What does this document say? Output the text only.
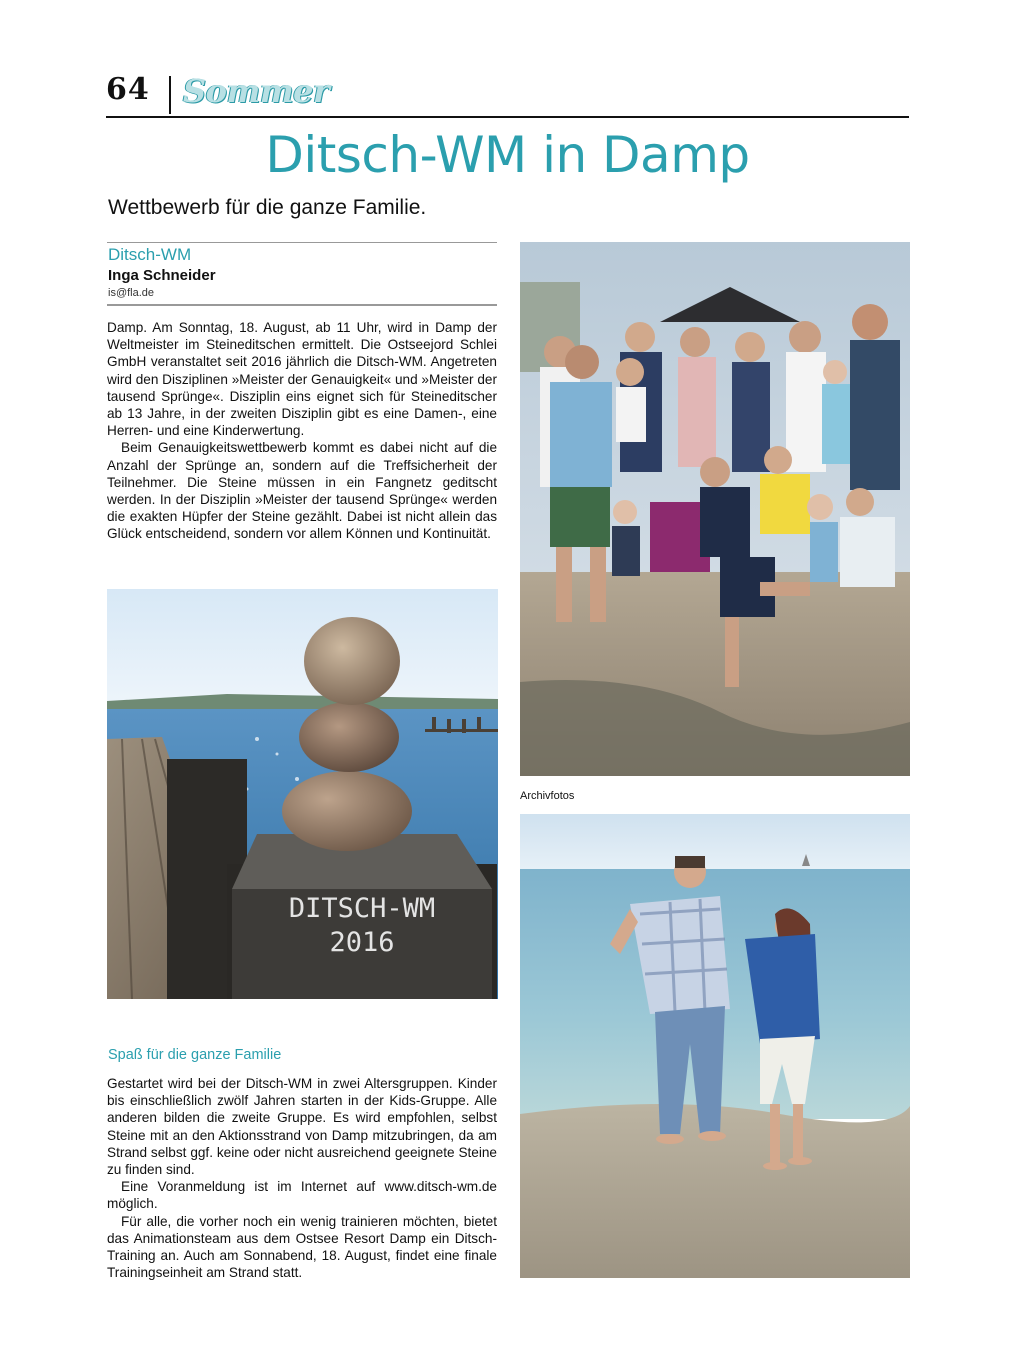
64 Sommer
Ditsch-WM in Damp
Wettbewerb für die ganze Familie.
Ditsch-WM
Inga Schneider
is@fla.de

Damp. Am Sonntag, 18. August, ab 11 Uhr, wird in Damp der Weltmeister im Steineditschen ermittelt. Die Ostseejord Schlei GmbH veranstaltet seit 2016 jährlich die Ditsch-WM. Angetreten wird den Disziplinen »Meister der Genauigkeit« und »Meister der tausend Sprünge«. Disziplin eins eignet sich für Steineditscher ab 13 Jahre, in der zweiten Disziplin gibt es eine Damen-, eine Herren- und eine Kinderwertung.

Beim Genauigkeitswettbewerb kommt es dabei nicht auf die Anzahl der Sprünge an, sondern auf die Treffsicherheit der Teilnehmer. Die Steine müssen in ein Fangnetz geditscht werden. In der Disziplin »Meister der tausend Sprünge« werden die exakten Hüpfer der Steine gezählt. Dabei ist nicht allein das Glück entscheidend, sondern vor allem Können und Kontinuität.

DITSCH-WM
2016
Spaß für die ganze Familie

Gestartet wird bei der Ditsch-WM in zwei Altersgruppen. Kinder bis einschließlich zwölf Jahren starten in der Kids-Gruppe. Alle anderen bilden die zweite Gruppe. Es wird empfohlen, selbst Steine mit an den Aktionsstrand von Damp mitzubringen, da am Strand selbst ggf. keine oder nicht ausreichend geeignete Steine zu finden sind.

Eine Voranmeldung ist im Internet auf www.ditsch-wm.de möglich.

Für alle, die vorher noch ein wenig trainieren möchten, bietet das Animationsteam aus dem Ostsee Resort Damp ein Ditsch-Training an. Auch am Sonnabend, 18. August, findet eine finale Trainingseinheit am Strand statt.

Archivfotos
